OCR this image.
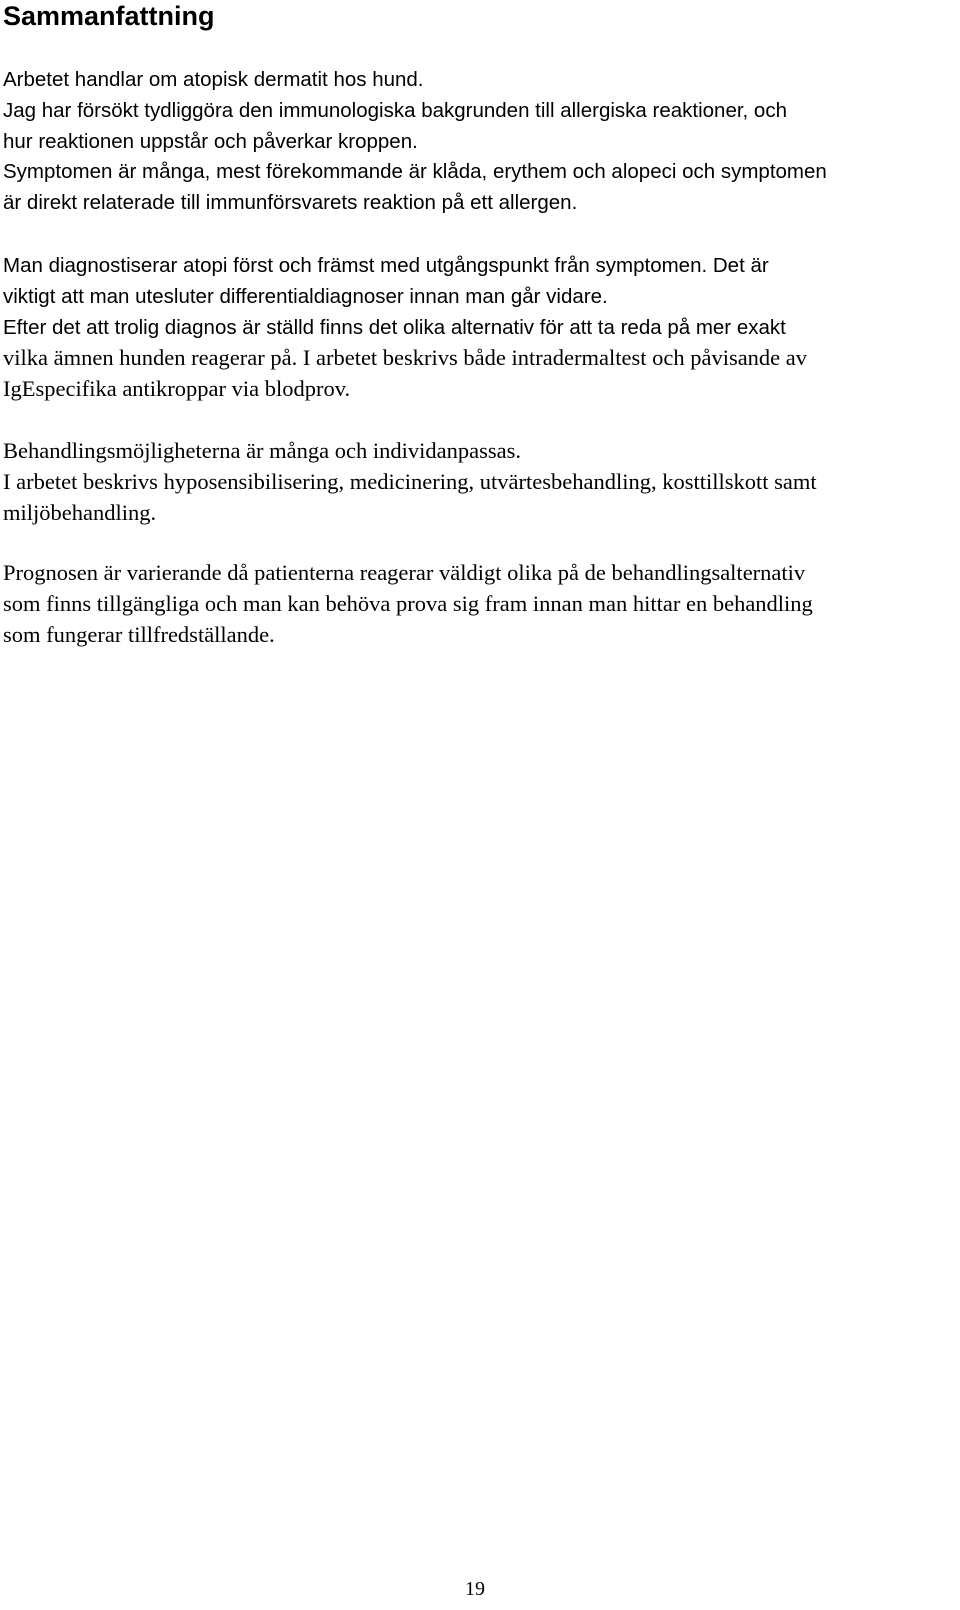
Sammanfattning
Arbetet handlar om atopisk dermatit hos hund.
Jag har försökt tydliggöra den immunologiska bakgrunden till allergiska reaktioner, och
hur reaktionen uppstår och påverkar kroppen.
Symptomen är många, mest förekommande är klåda, erythem och alopeci och symptomen
är direkt relaterade till immunförsvarets reaktion på ett allergen.
Man diagnostiserar atopi först och främst med utgångspunkt från symptomen. Det är
viktigt att man utesluter differentialdiagnoser innan man går vidare.
Efter det att trolig diagnos är ställd finns det olika alternativ för att ta reda på mer exakt
vilka ämnen hunden reagerar på. I arbetet beskrivs både intradermaltest och påvisande av
IgEspecifika antikroppar via blodprov.
Behandlingsmöjligheterna är många och individanpassas.
I arbetet beskrivs hyposensibilisering, medicinering, utvärtesbehandling, kosttillskott samt
miljöbehandling.
Prognosen är varierande då patienterna reagerar väldigt olika på de behandlingsalternativ
som finns tillgängliga och man kan behöva prova sig fram innan man hittar en behandling
som fungerar tillfredställande.
19
